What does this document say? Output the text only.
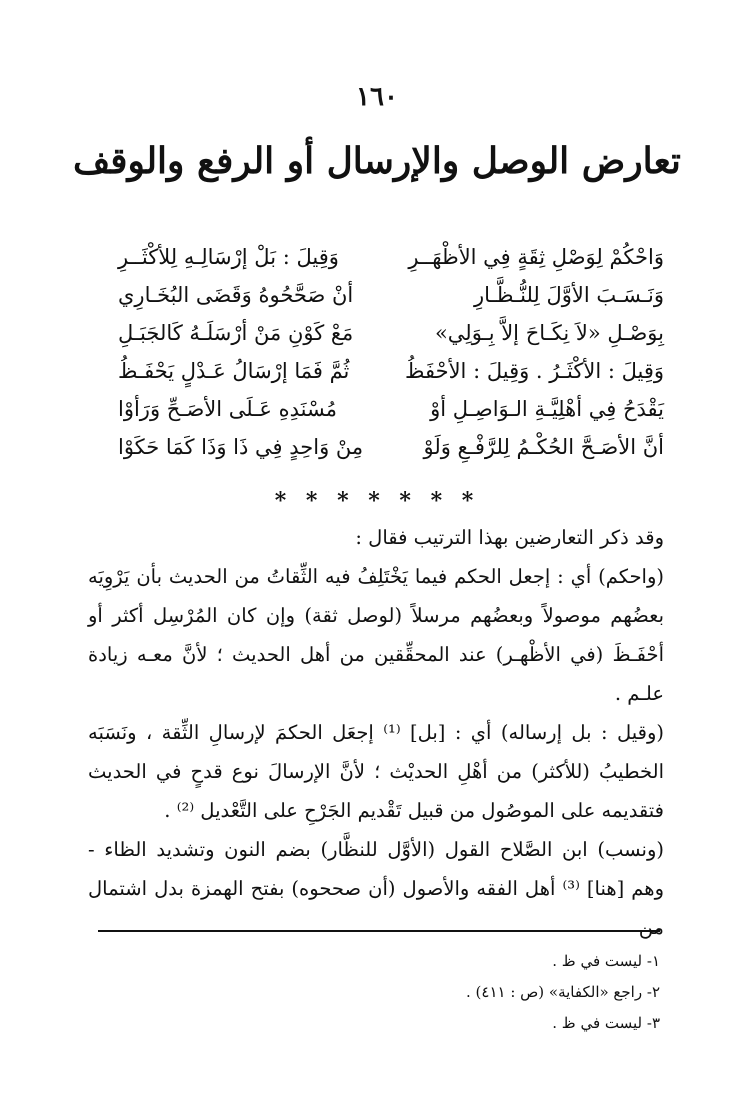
١٦٠
تعارض الوصل والإرسال أو الرفع والوقف
وَاحْكُمْ لِوَصْلِ ثِقَةٍ فِي الأظْهَــرِ
وَقِيلَ : بَلْ إرْسَالِـهِ لِلأكْثَــرِ
وَنَـسَـبَ الأوَّلَ لِلنُّـظَّـارِ
أنْ صَحَّحُوهُ وَقَضَى البُخَـارِي
بِوَصْـلِ «لاَ نِكَـاحَ إلاَّ بِـوَلِي»
مَعْ كَوْنِ مَنْ أرْسَلَـهُ كَالجَبَـلِ
وَقِيلَ : الأكْثَـرُ . وَقِيلَ : الأحْفَظُ
ثُمَّ فَمَا إرْسَالُ عَـدْلٍ يَحْفَـظُ
يَقْدَحُ فِي أهْلِيَّـةِ الـوَاصِـلِ أوْ
مُسْنَدِهِ عَـلَى الأصَـحِّ وَرَأوْا
أنَّ الأصَـحَّ الحُكْـمُ لِلرَّفْـعِ وَلَوْ
مِنْ وَاحِدٍ فِي ذَا وَذَا كَمَا حَكَوْا
* * * * * * *

وقد ذكر التعارضين بهذا الترتيب فقال :

(واحكم) أي : إجعل الحكم فيما يَخْتَلِفُ فيه الثِّقاتُ من الحديث بأن يَرْوِيَه بعضُهم موصولاً وبعضُهم مرسلاً (لوصل ثقة) وإن كان المُرْسِل أكثر أو أحْفَـظَ (في الأظْهـر) عند المحقِّقين من أهل الحديث ؛ لأنَّ معـه زيادة علـم .

(وقيل : بل إرساله) أي : [بل] ⁽¹⁾ إجعَل الحكمَ لإرسالِ الثِّقة ، ونَسَبَه الخطيبُ (للأكثر) من أهْلِ الحديْث ؛ لأنَّ الإرسالَ نوع قدحٍ في الحديث فتقديمه على الموصُول من قبيل تَقْديم الجَرْحِ على التَّعْديل ⁽²⁾ .

(ونسب) ابن الصَّلاح القول (الأوَّل للنظَّار) بضم النون وتشديد الظاء - وهم [هنا] ⁽³⁾ أهل الفقه والأصول (أن صححوه) بفتح الهمزة بدل اشتمال من

١- ليست في ظ .

٢- راجع «الكفاية» (ص : ٤١١) .

٣- ليست في ظ .
